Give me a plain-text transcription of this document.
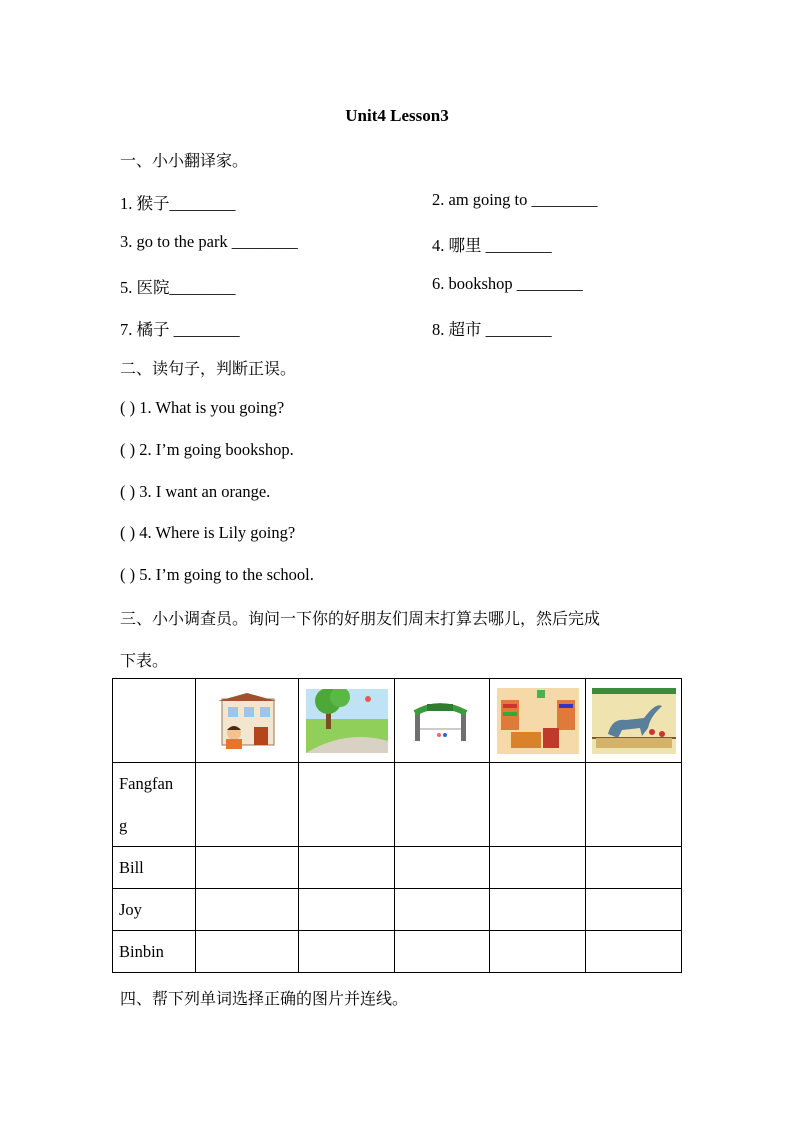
Unit4 Lesson3
一、小小翻译家。
1. 猴子________	2. am going to ________
3. go to the park ________	4. 哪里 ________
5. 医院________	6. bookshop ________
7. 橘子 ________	8. 超市 ________
二、读句子，判断正误。
( ) 1. What is you going?
( ) 2. I’m going bookshop.
( ) 3. I want an orange.
( ) 4. Where is Lily going?
( ) 5. I’m going to the school.
三、小小调查员。询问一下你的好朋友们周末打算去哪儿，然后完成
下表。

Fangfan
g					

Bill					
Joy					
Binbin					
四、帮下列单词选择正确的图片并连线。
